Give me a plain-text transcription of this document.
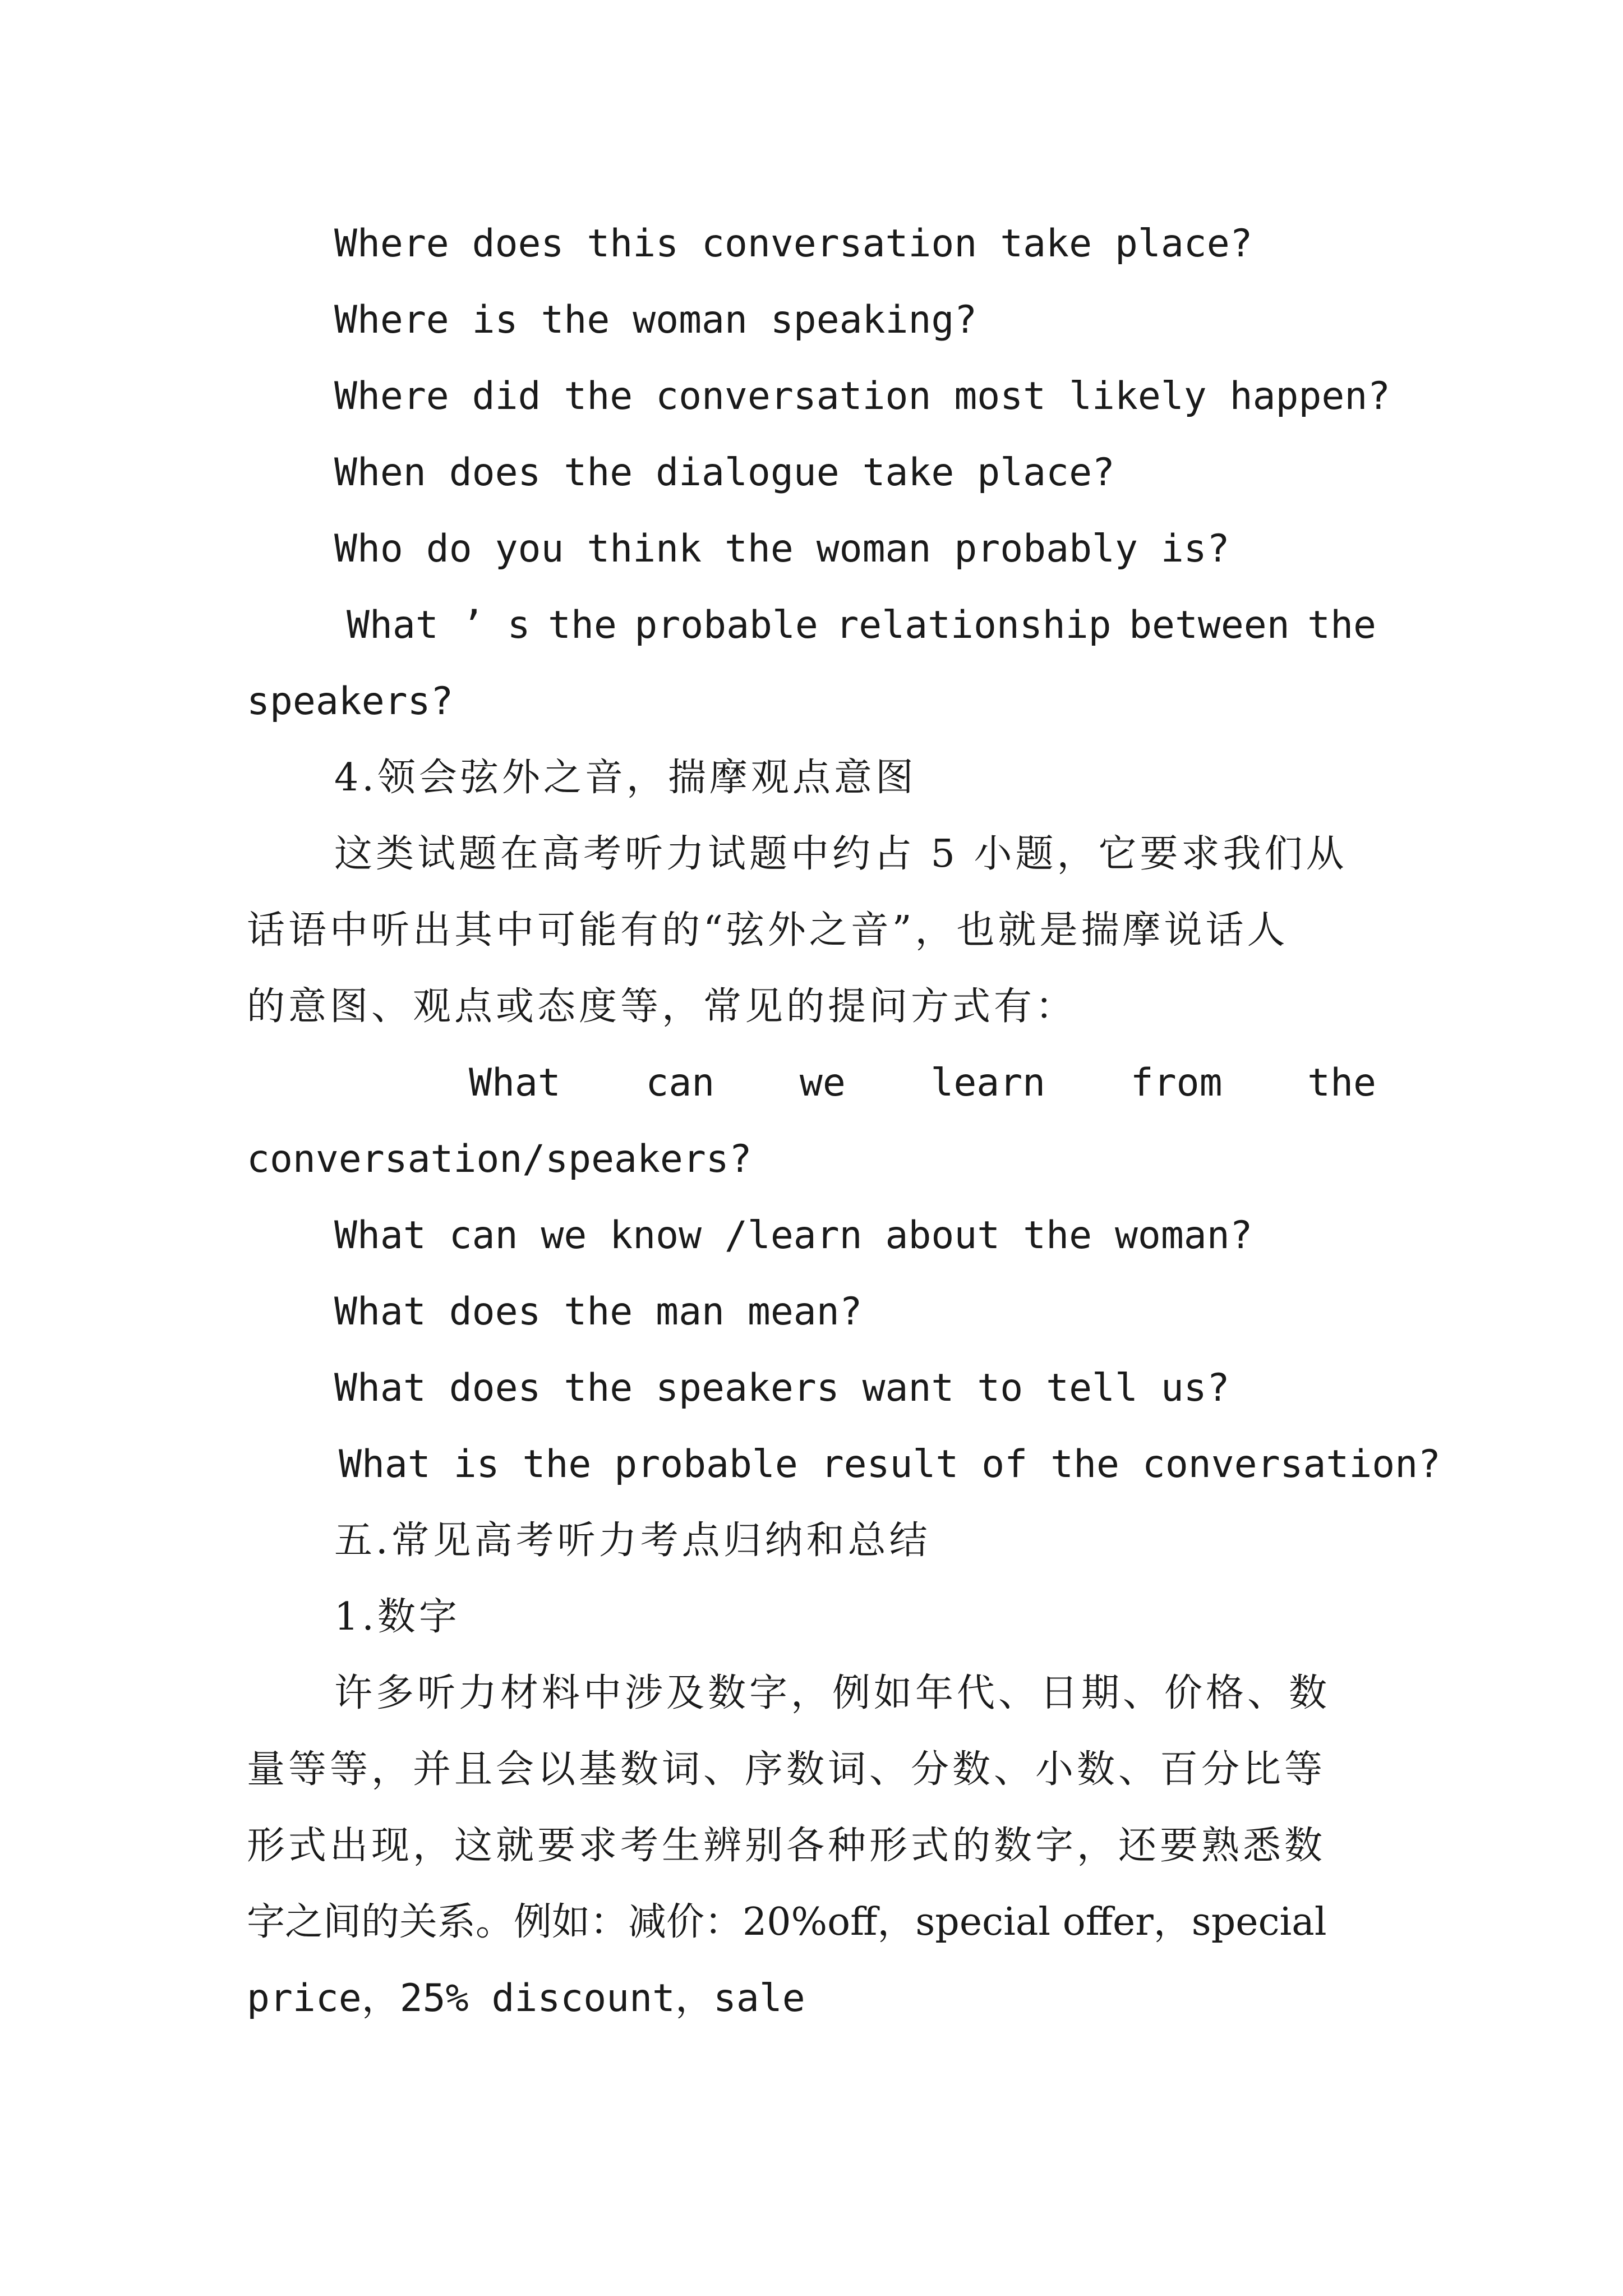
Where does this conversation take place?
Where is the woman speaking?
Where did the conversation most likely happen?
When does the dialogue take place?
Who do you think the woman probably is?
What ’ s the probable relationship between the
speakers?
4.领会弦外之音，揣摩观点意图
这类试题在高考听力试题中约占 5 小题，它要求我们从
话语中听出其中可能有的“弦外之音”，也就是揣摩说话人
的意图、观点或态度等，常见的提问方式有：
What can we learn from the
conversation/speakers?
What can we know /learn about the woman?
What does the man mean?
What does the speakers want to tell us?
What is the probable result of the conversation?
五.常见高考听力考点归纳和总结
1.数字
许多听力材料中涉及数字，例如年代、日期、价格、数
量等等，并且会以基数词、序数词、分数、小数、百分比等
形式出现，这就要求考生辨别各种形式的数字，还要熟悉数
字之间的关系。例如：减价：20%off，special offer，special
price，25% discount，sale
